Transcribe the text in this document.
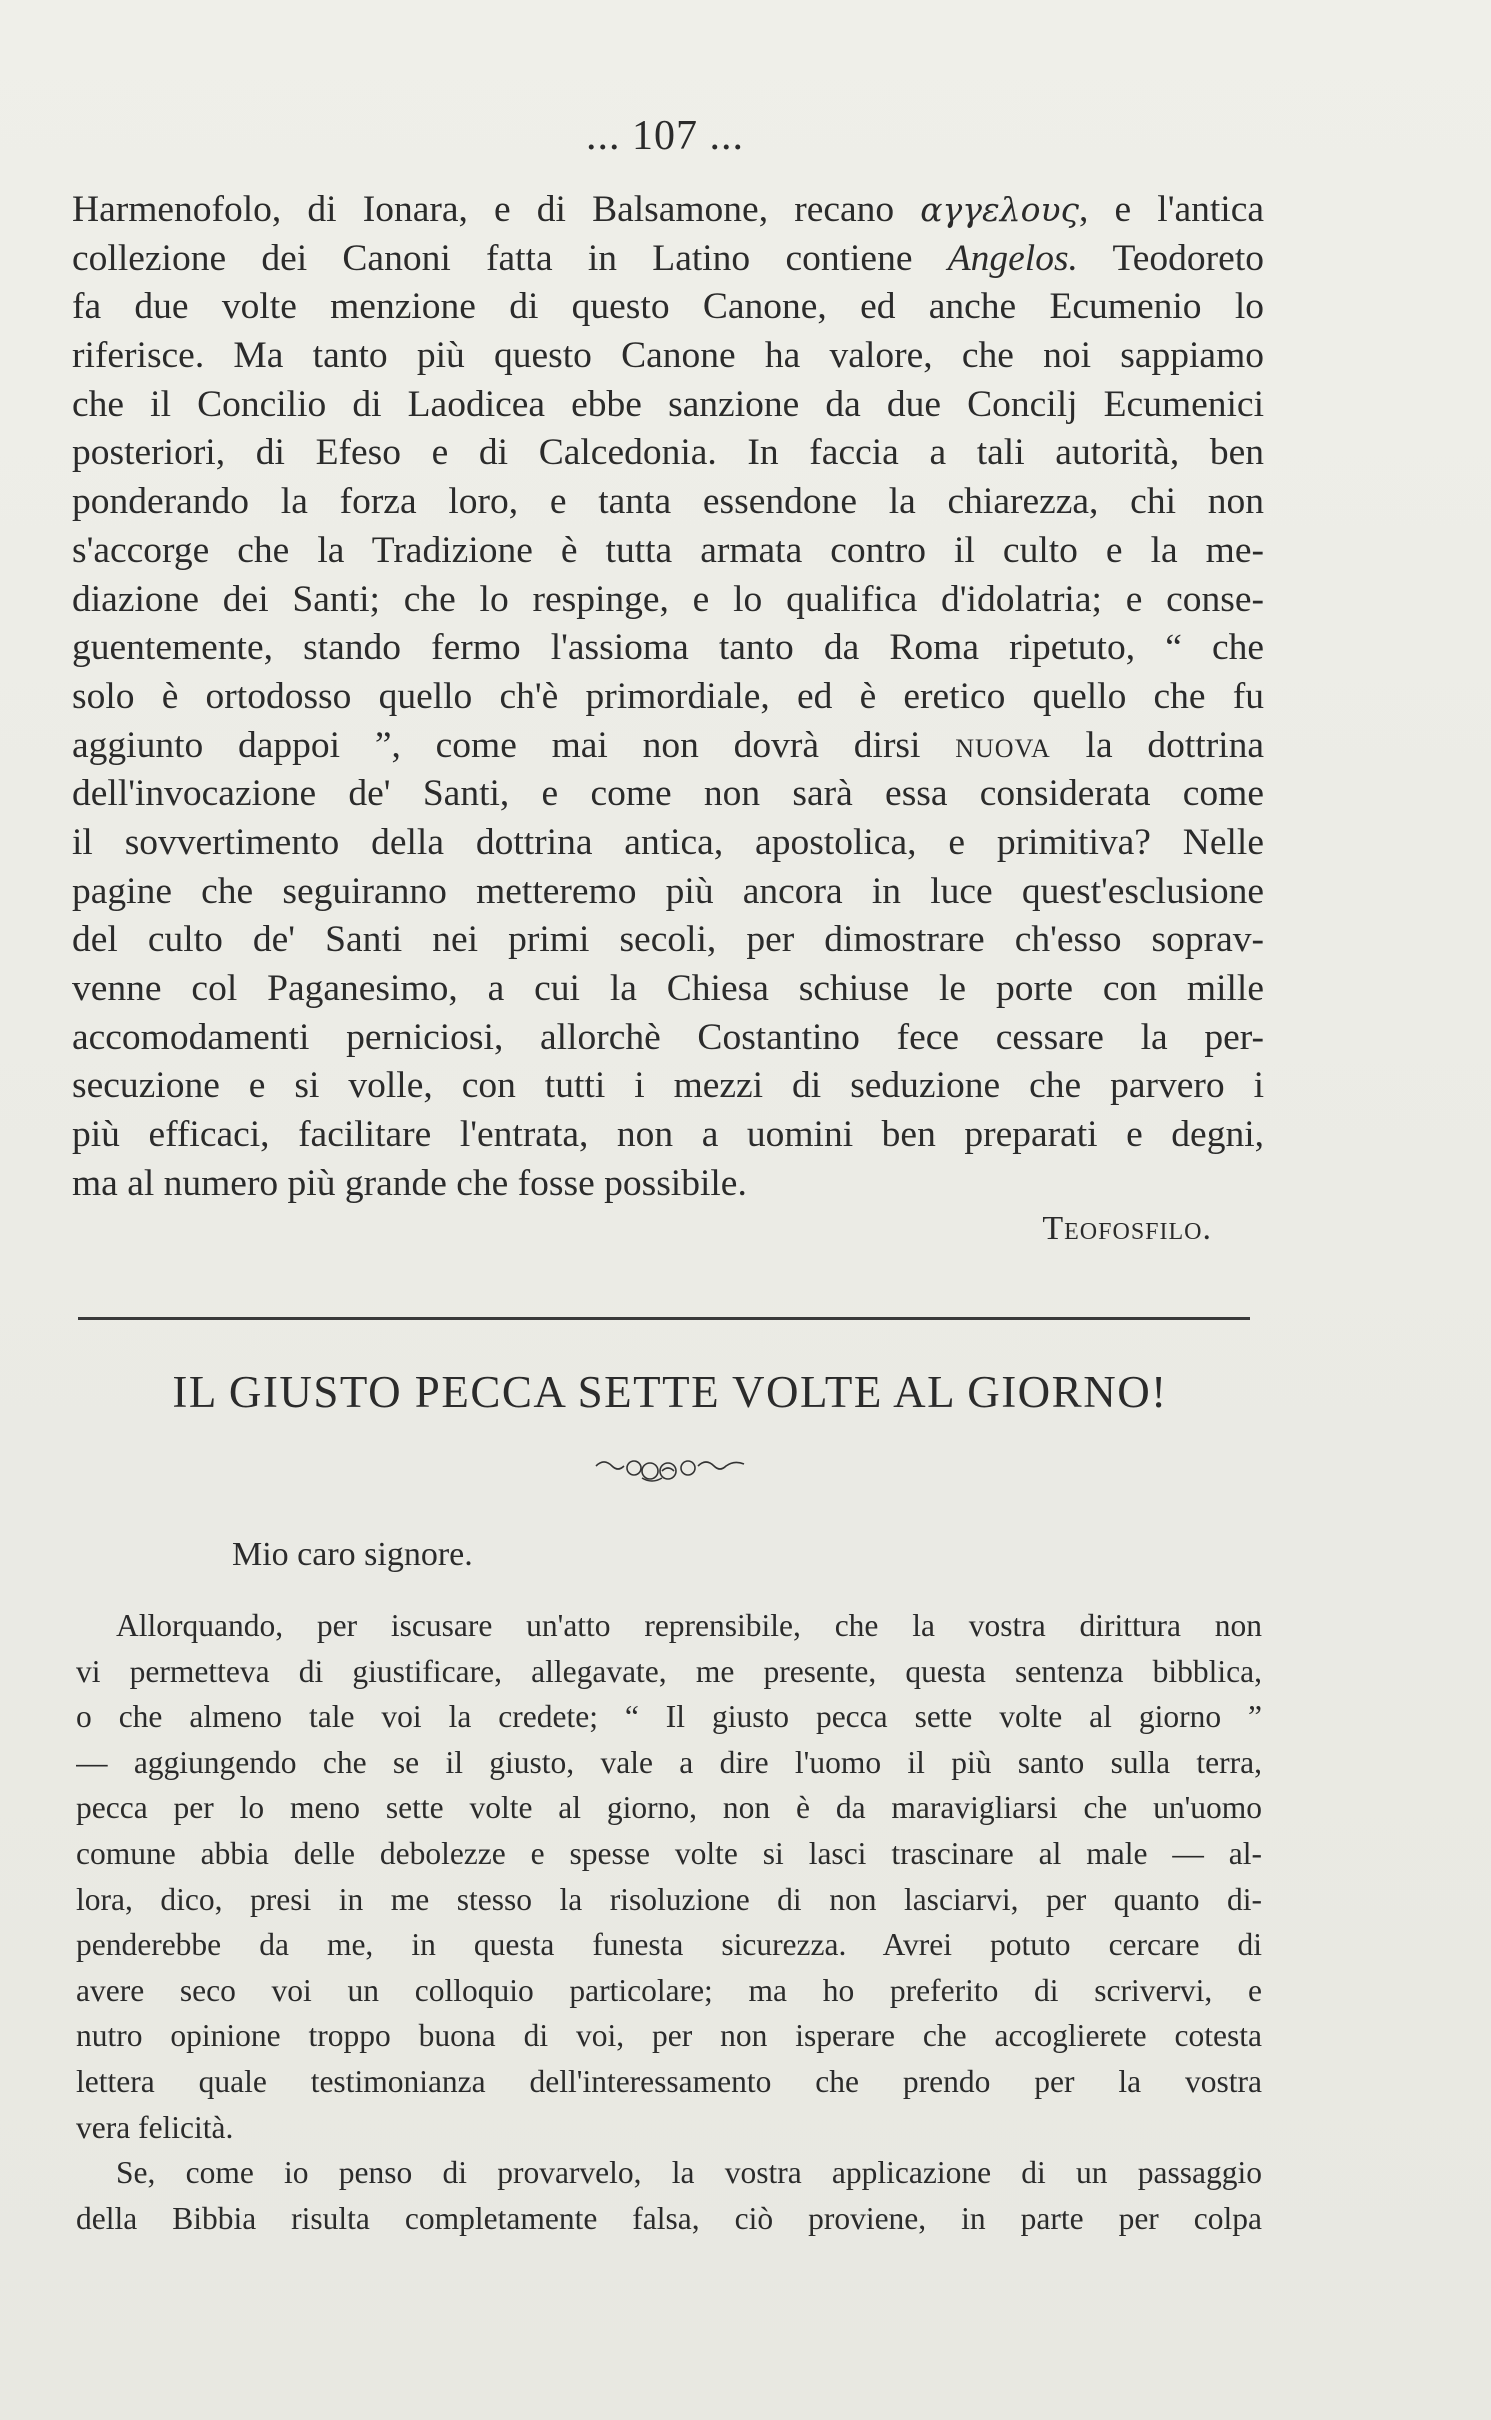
... 107 ...
Harmenofolo, di Ionara, e di Balsamone, recano αγγελους, e l'antica
collezione dei Canoni fatta in Latino contiene Angelos. Teodoreto
fa due volte menzione di questo Canone, ed anche Ecumenio lo
riferisce. Ma tanto più questo Canone ha valore, che noi sappiamo
che il Concilio di Laodicea ebbe sanzione da due Concilj Ecumenici
posteriori, di Efeso e di Calcedonia. In faccia a tali autorità, ben
ponderando la forza loro, e tanta essendone la chiarezza, chi non
s'accorge che la Tradizione è tutta armata contro il culto e la me-
diazione dei Santi; che lo respinge, e lo qualifica d'idolatria; e conse-
guentemente, stando fermo l'assioma tanto da Roma ripetuto, “ che
solo è ortodosso quello ch'è primordiale, ed è eretico quello che fu
aggiunto dappoi ”, come mai non dovrà dirsi nuova la dottrina
dell'invocazione de' Santi, e come non sarà essa considerata come
il sovvertimento della dottrina antica, apostolica, e primitiva? Nelle
pagine che seguiranno metteremo più ancora in luce quest'esclusione
del culto de' Santi nei primi secoli, per dimostrare ch'esso soprav-
venne col Paganesimo, a cui la Chiesa schiuse le porte con mille
accomodamenti perniciosi, allorchè Costantino fece cessare la per-
secuzione e si volle, con tutti i mezzi di seduzione che parvero i
più efficaci, facilitare l'entrata, non a uomini ben preparati e degni,
ma al numero più grande che fosse possibile.
Teofosfilo.
IL GIUSTO PECCA SETTE VOLTE AL GIORNO!
Mio caro signore.
Allorquando, per iscusare un'atto reprensibile, che la vostra dirittura non
vi permetteva di giustificare, allegavate, me presente, questa sentenza bibblica,
o che almeno tale voi la credete; “ Il giusto pecca sette volte al giorno ”
— aggiungendo che se il giusto, vale a dire l'uomo il più santo sulla terra,
pecca per lo meno sette volte al giorno, non è da maravigliarsi che un'uomo
comune abbia delle debolezze e spesse volte si lasci trascinare al male — al-
lora, dico, presi in me stesso la risoluzione di non lasciarvi, per quanto di-
penderebbe da me, in questa funesta sicurezza. Avrei potuto cercare di
avere seco voi un colloquio particolare; ma ho preferito di scrivervi, e
nutro opinione troppo buona di voi, per non isperare che accoglierete cotesta
lettera quale testimonianza dell'interessamento che prendo per la vostra
vera felicità.
Se, come io penso di provarvelo, la vostra applicazione di un passaggio
della Bibbia risulta completamente falsa, ciò proviene, in parte per colpa
